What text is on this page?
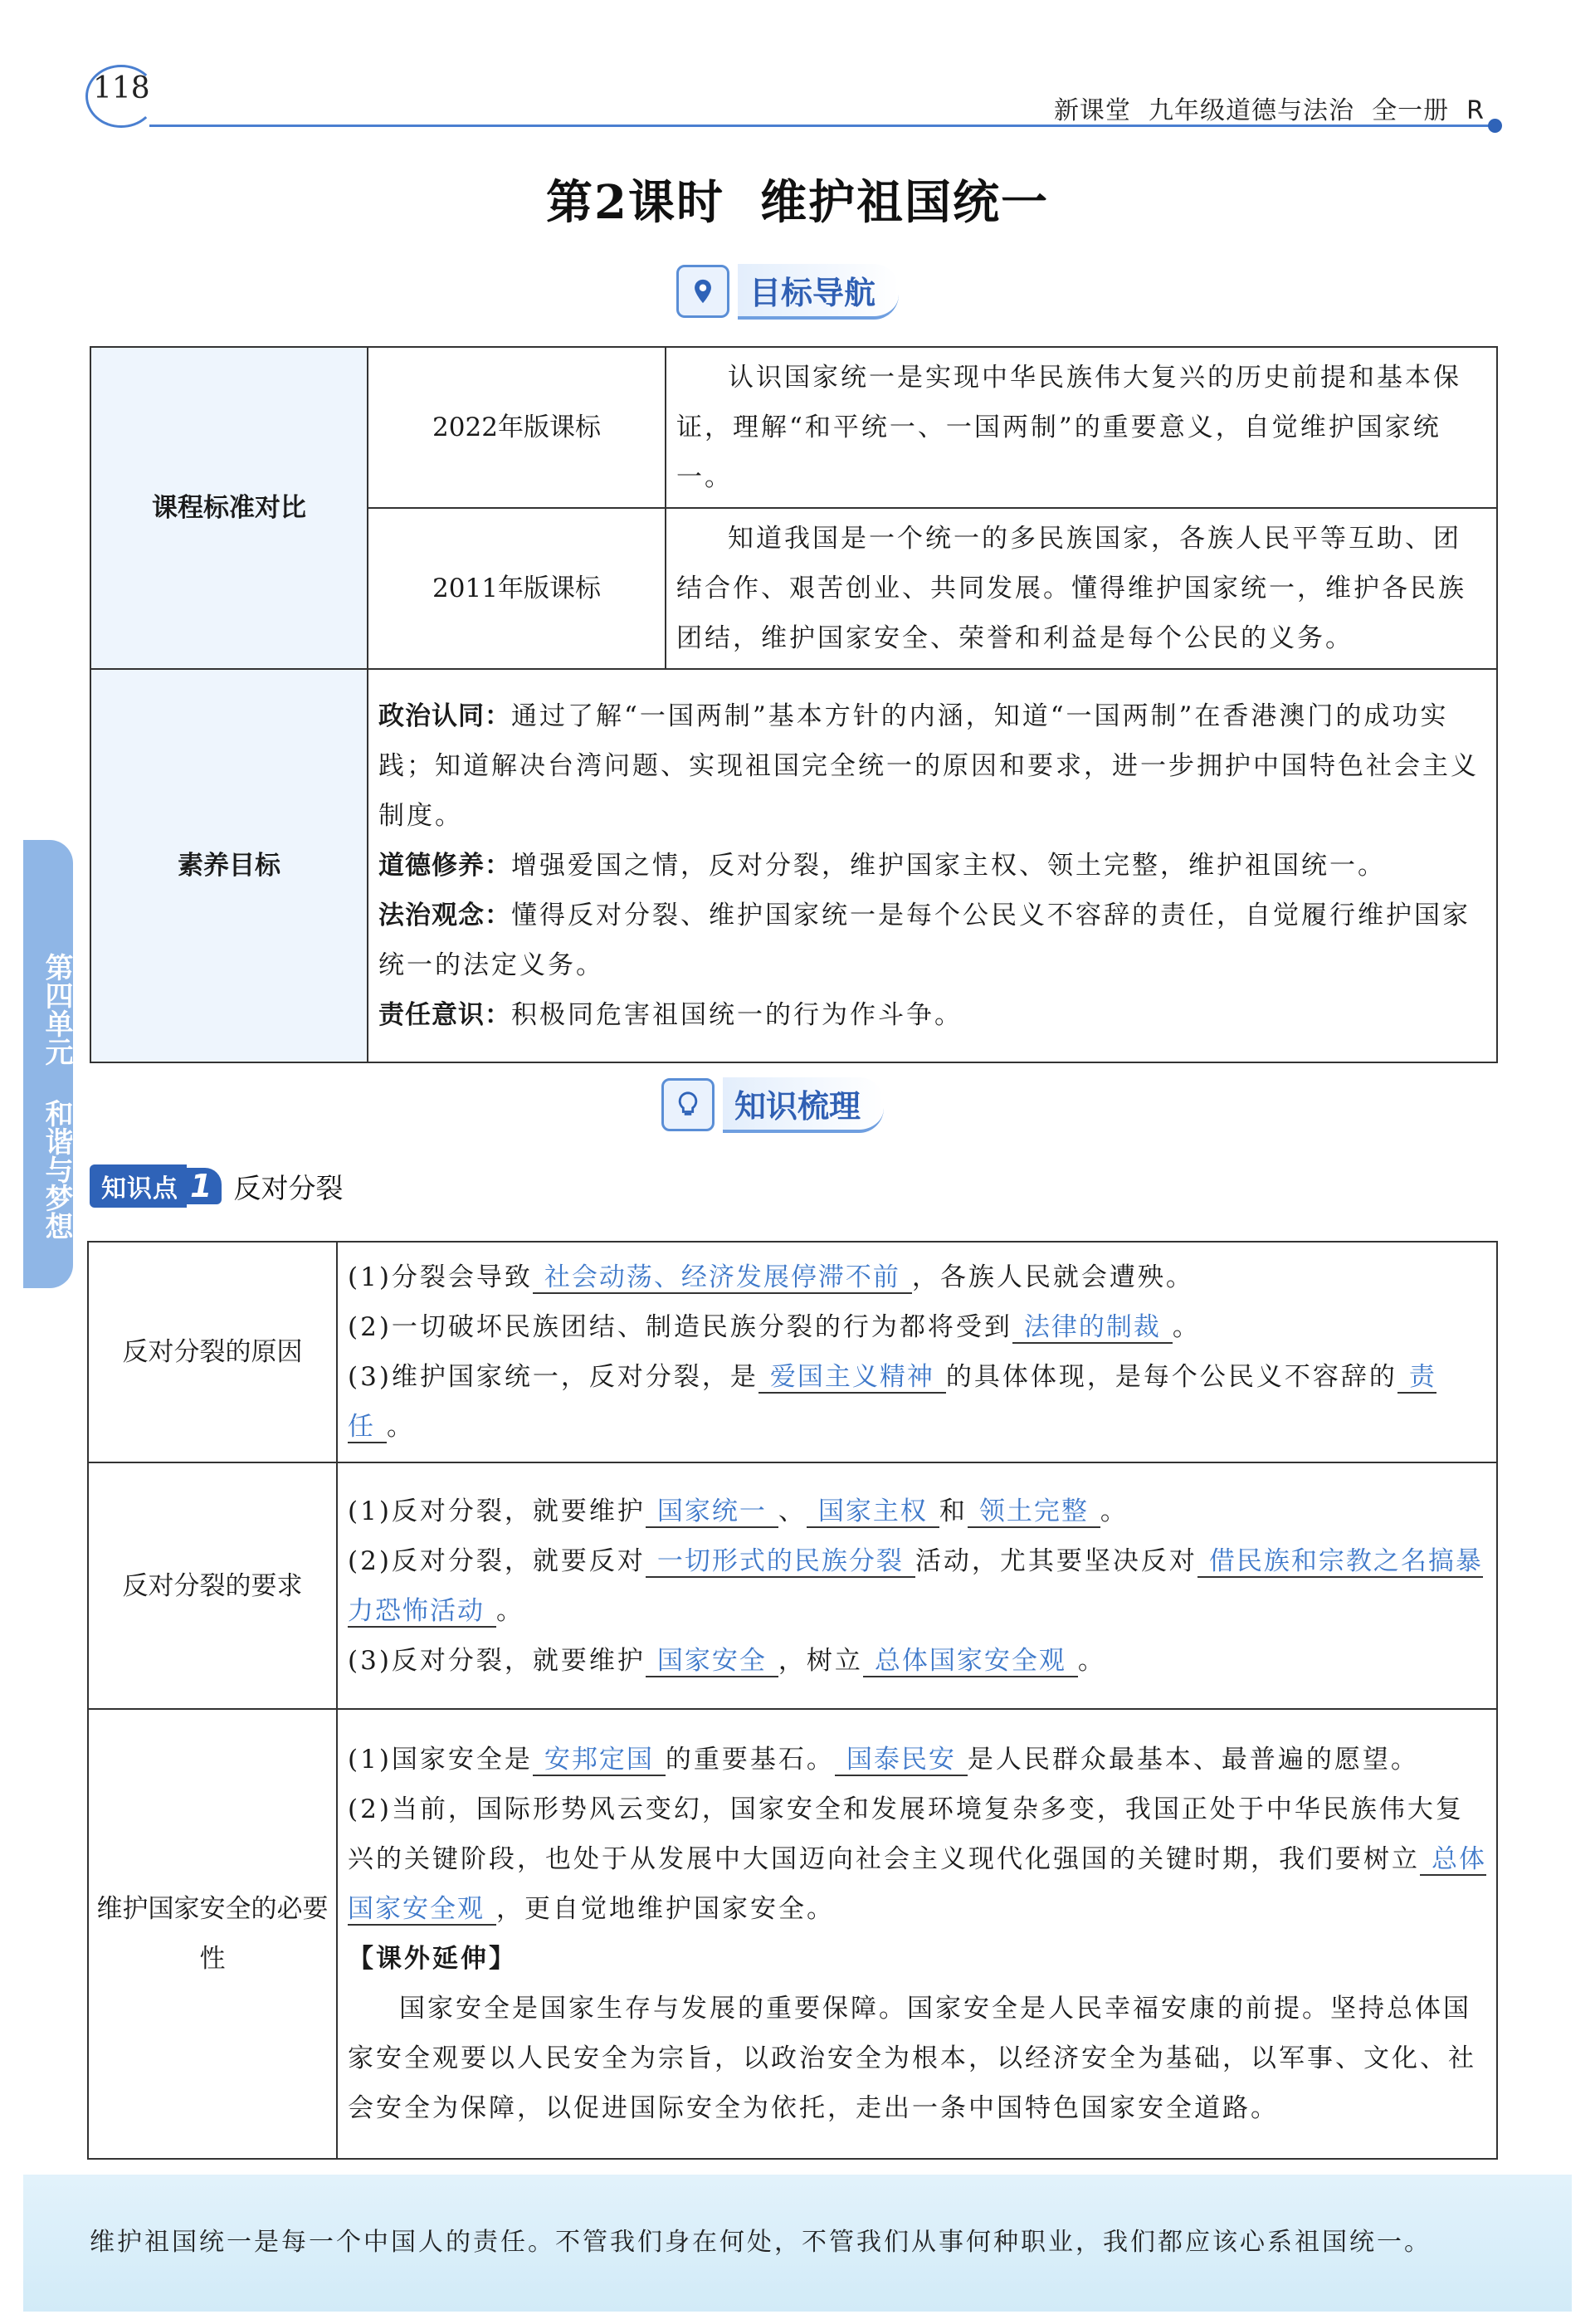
118
新课堂  九年级道德与法治  全一册  R
第2课时  维护祖国统一
目标导航
课程标准对比	2022年版课标	认识国家统一是实现中华民族伟大复兴的历史前提和基本保证，理解“和平统一、一国两制”的重要意义，自觉维护国家统一。
	2011年版课标	知道我国是一个统一的多民族国家，各族人民平等互助、团结合作、艰苦创业、共同发展。懂得维护国家统一，维护各民族团结，维护国家安全、荣誉和利益是每个公民的义务。
素养目标	政治认同：通过了解“一国两制”基本方针的内涵，知道“一国两制”在香港澳门的成功实践；知道解决台湾问题、实现祖国完全统一的原因和要求，进一步拥护中国特色社会主义制度。
道德修养：增强爱国之情，反对分裂，维护国家主权、领土完整，维护祖国统一。
法治观念：懂得反对分裂、维护国家统一是每个公民义不容辞的责任，自觉履行维护国家统一的法定义务。
责任意识：积极同危害祖国统一的行为作斗争。	
知识梳理
知识点 1 反对分裂
反对分裂的原因	(1)分裂会导致 社会动荡、经济发展停滞不前 ，各族人民就会遭殃。
(2)一切破坏民族团结、制造民族分裂的行为都将受到 法律的制裁 。
(3)维护国家统一，反对分裂，是 爱国主义精神 的具体体现，是每个公民义不容辞的 责任 。

反对分裂的要求	(1)反对分裂，就要维护 国家统一 、 国家主权 和 领土完整 。
(2)反对分裂，就要反对 一切形式的民族分裂 活动，尤其要坚决反对 借民族和宗教之名搞暴力恐怖活动 。
(3)反对分裂，就要维护 国家安全 ，树立 总体国家安全观 。

维护国家安全的必要性	(1)国家安全是 安邦定国 的重要基石。 国泰民安 是人民群众最基本、最普遍的愿望。
(2)当前，国际形势风云变幻，国家安全和发展环境复杂多变，我国正处于中华民族伟大复兴的关键阶段，也处于从发展中大国迈向社会主义现代化强国的关键时期，我们要树立 总体国家安全观 ，更自觉地维护国家安全。
【课外延伸】
国家安全是国家生存与发展的重要保障。国家安全是人民幸福安康的前提。坚持总体国家安全观要以人民安全为宗旨，以政治安全为根本，以经济安全为基础，以军事、文化、社会安全为保障，以促进国际安全为依托，走出一条中国特色国家安全道路。
第四单元 和谐与梦想
维护祖国统一是每一个中国人的责任。不管我们身在何处，不管我们从事何种职业，我们都应该心系祖国统一。
